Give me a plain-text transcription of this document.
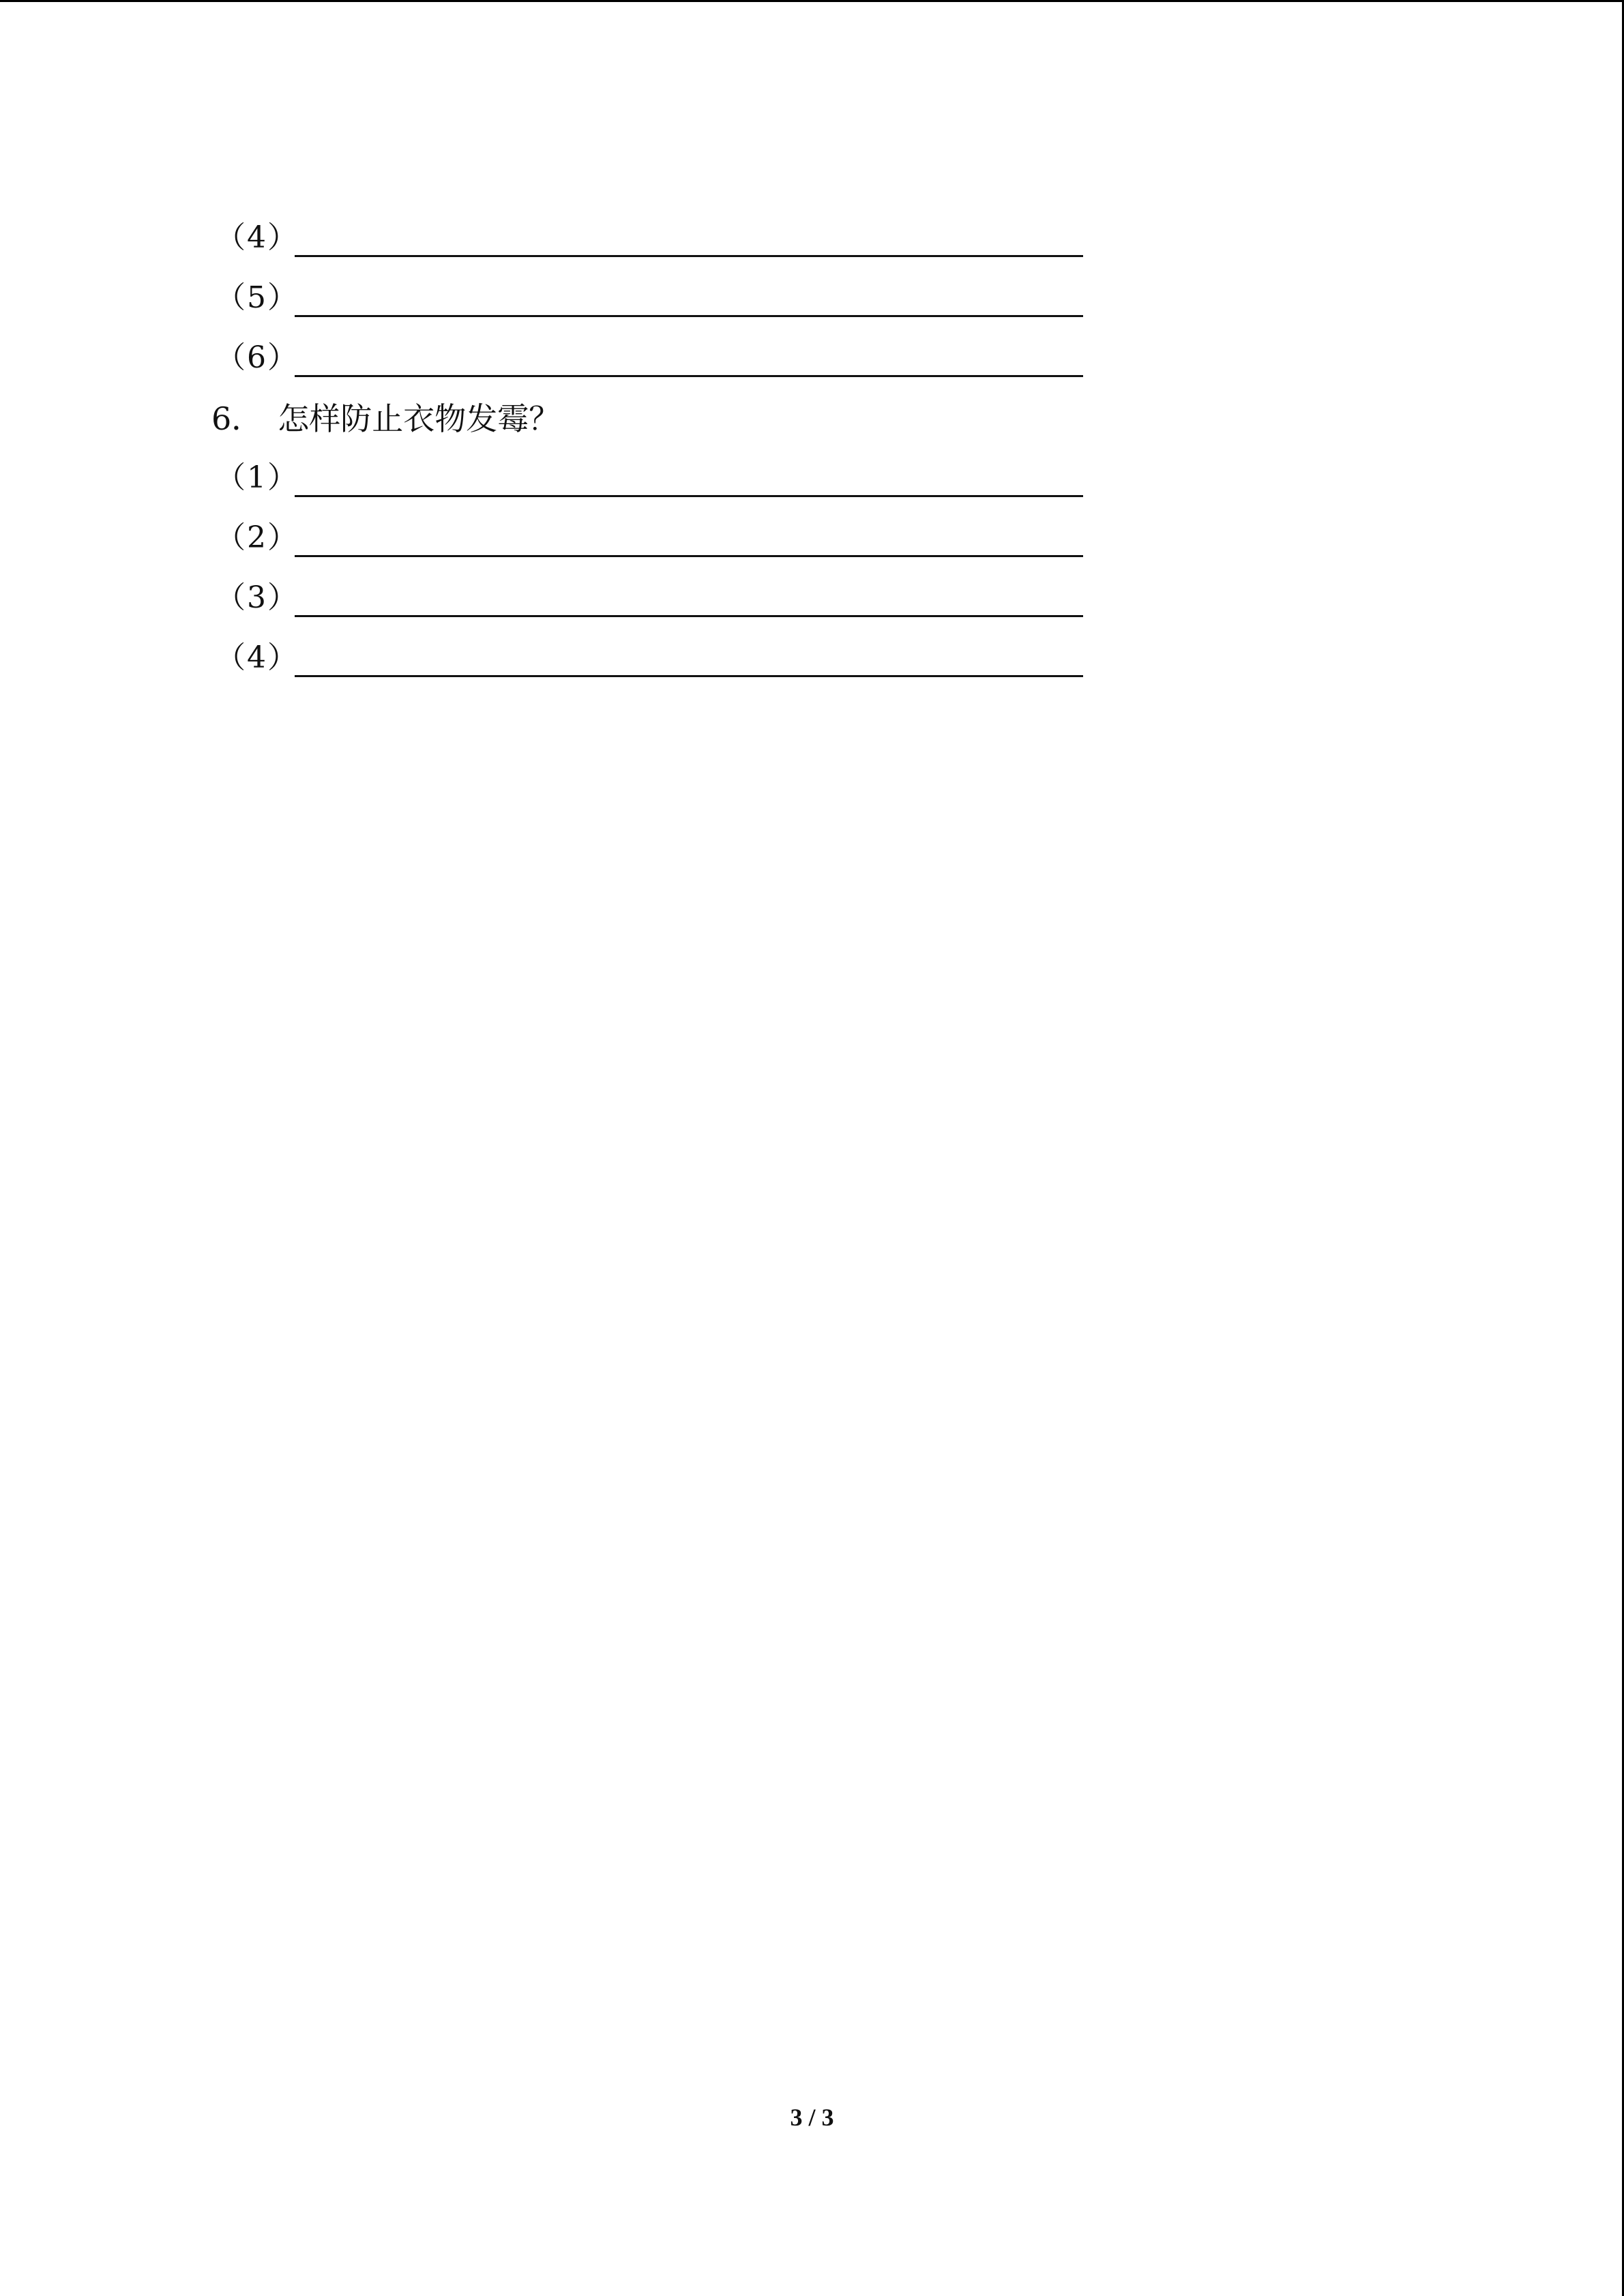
（4）
（5）
（6）
6． 怎样防止衣物发霉？
（1）
（2）
（3）
（4）
3 / 3
